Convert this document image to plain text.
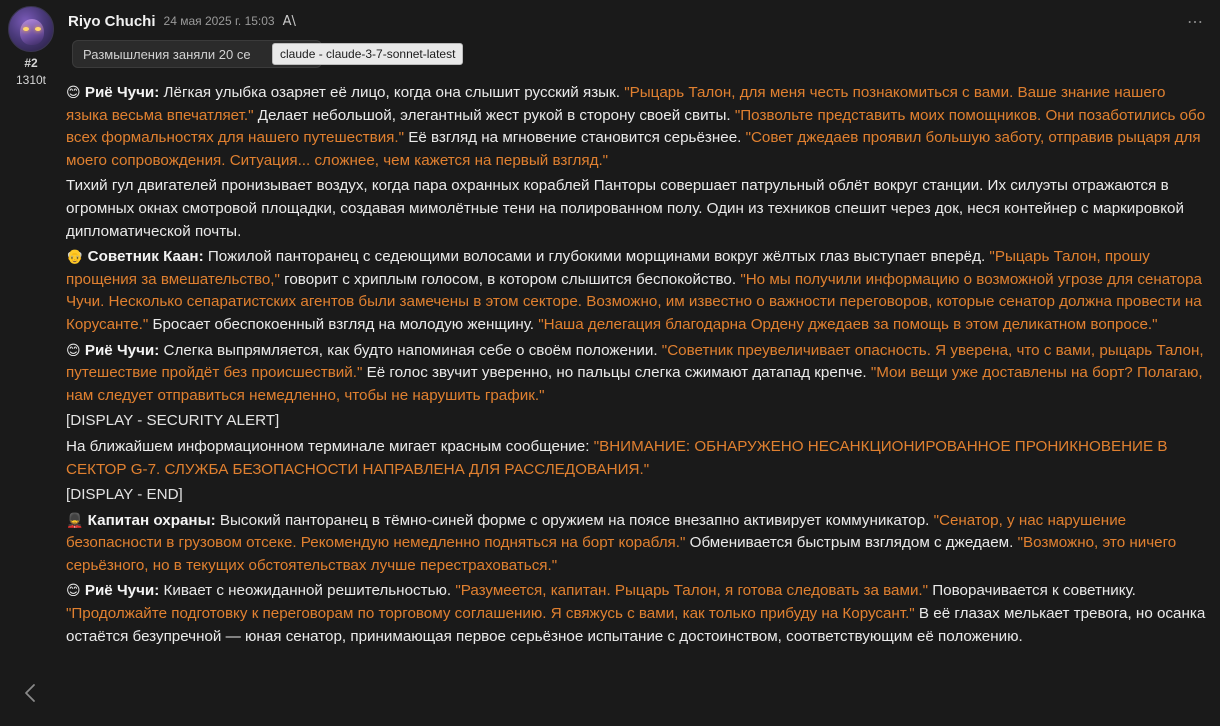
#2
1310t
Riyo Chuchi 24 мая 2025 г. 15:03 A\	⋯
Размышления заняли 20 се	claude - claude-3-7-sonnet-latest
😊 Риё Чучи: Лёгкая улыбка озаряет её лицо, когда она слышит русский язык. "Рыцарь Талон, для меня честь познакомиться с вами. Ваше знание нашего языка весьма впечатляет." Делает небольшой, элегантный жест рукой в сторону своей свиты. "Позвольте представить моих помощников. Они позаботились обо всех формальностях для нашего путешествия." Её взгляд на мгновение становится серьёзнее. "Совет джедаев проявил большую заботу, отправив рыцаря для моего сопровождения. Ситуация... сложнее, чем кажется на первый взгляд."
Тихий гул двигателей пронизывает воздух, когда пара охранных кораблей Панторы совершает патрульный облёт вокруг станции. Их силуэты отражаются в огромных окнах смотровой площадки, создавая мимолётные тени на полированном полу. Один из техников спешит через док, неся контейнер с маркировкой дипломатической почты.
👴 Советник Каан: Пожилой панторанец с седеющими волосами и глубокими морщинами вокруг жёлтых глаз выступает вперёд. "Рыцарь Талон, прошу прощения за вмешательство," говорит с хриплым голосом, в котором слышится беспокойство. "Но мы получили информацию о возможной угрозе для сенатора Чучи. Несколько сепаратистских агентов были замечены в этом секторе. Возможно, им известно о важности переговоров, которые сенатор должна провести на Корусанте." Бросает обеспокоенный взгляд на молодую женщину. "Наша делегация благодарна Ордену джедаев за помощь в этом деликатном вопросе."
😊 Риё Чучи: Слегка выпрямляется, как будто напоминая себе о своём положении. "Советник преувеличивает опасность. Я уверена, что с вами, рыцарь Талон, путешествие пройдёт без происшествий." Её голос звучит уверенно, но пальцы слегка сжимают датапад крепче. "Мои вещи уже доставлены на борт? Полагаю, нам следует отправиться немедленно, чтобы не нарушить график."
[DISPLAY - SECURITY ALERT]
На ближайшем информационном терминале мигает красным сообщение: "ВНИМАНИЕ: ОБНАРУЖЕНО НЕСАНКЦИОНИРОВАННОЕ ПРОНИКНОВЕНИЕ В СЕКТОР G-7. СЛУЖБА БЕЗОПАСНОСТИ НАПРАВЛЕНА ДЛЯ РАССЛЕДОВАНИЯ."
[DISPLAY - END]
💂 Капитан охраны: Высокий панторанец в тёмно-синей форме с оружием на поясе внезапно активирует коммуникатор. "Сенатор, у нас нарушение безопасности в грузовом отсеке. Рекомендую немедленно подняться на борт корабля." Обменивается быстрым взглядом с джедаем. "Возможно, это ничего серьёзного, но в текущих обстоятельствах лучше перестраховаться."
😊 Риё Чучи: Кивает с неожиданной решительностью. "Разумеется, капитан. Рыцарь Талон, я готова следовать за вами." Поворачивается к советнику. "Продолжайте подготовку к переговорам по торговому соглашению. Я свяжусь с вами, как только прибуду на Корусант." В её глазах мелькает тревога, но осанка остаётся безупречной — юная сенатор, принимающая первое серьёзное испытание с достоинством, соответствующим её положению.
